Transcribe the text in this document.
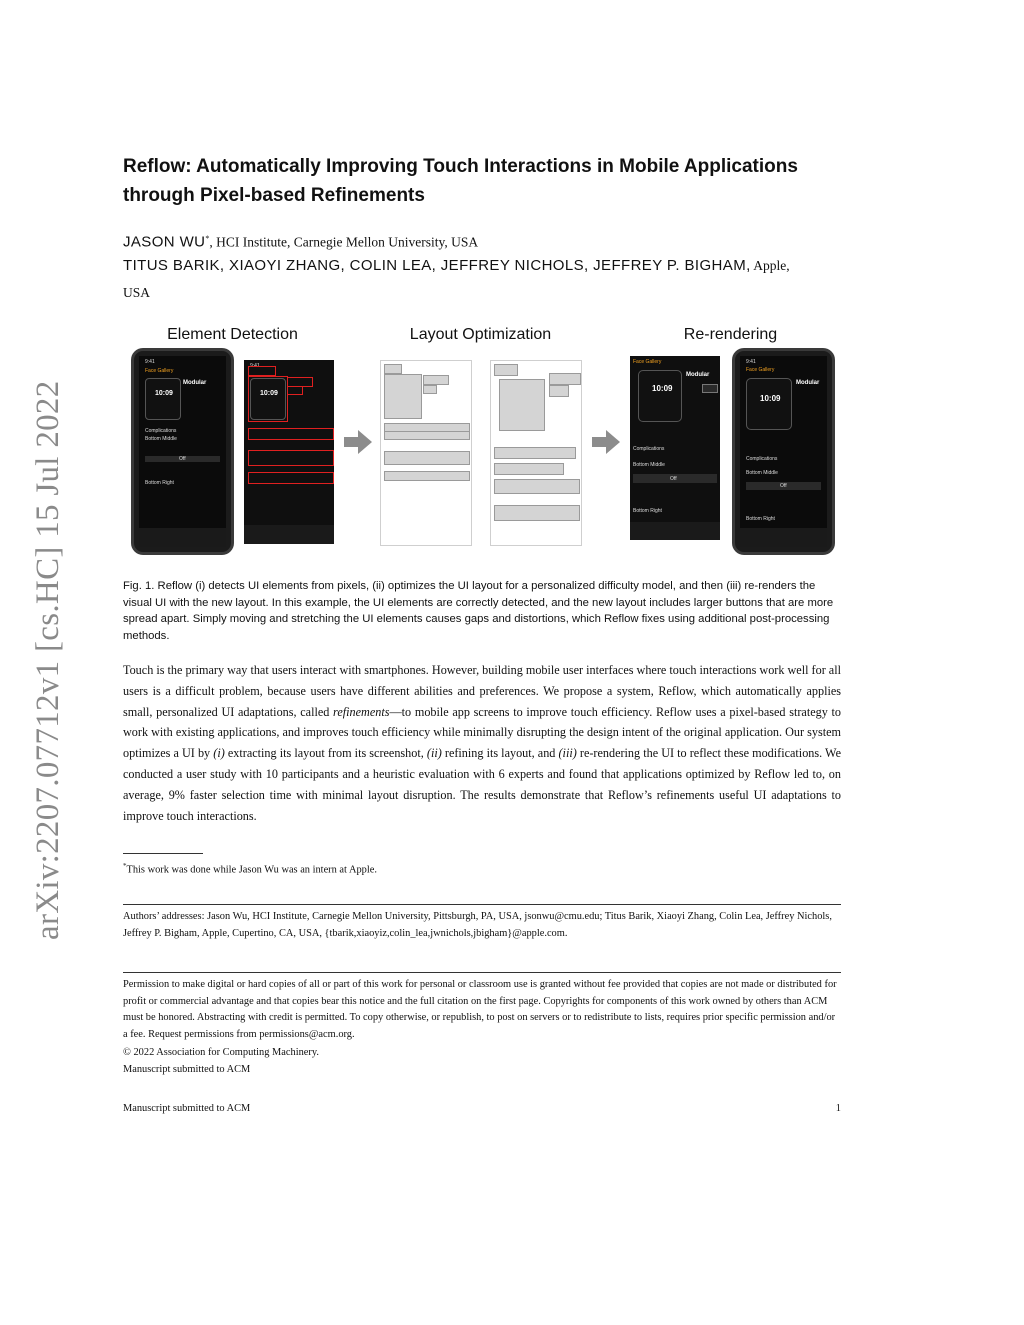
arXiv:2207.07712v1 [cs.HC] 15 Jul 2022
Reflow: Automatically Improving Touch Interactions in Mobile Applications
through Pixel-based Refinements
JASON WU*, HCI Institute, Carnegie Mellon University, USA
TITUS BARIK, XIAOYI ZHANG, COLIN LEA, JEFFREY NICHOLS, JEFFREY P. BIGHAM, Apple,
USA
Element Detection	Layout Optimization	Re-rendering
9:41
Face Gallery
10:09
Modular
Complications
Bottom Middle
Off
Bottom Right
9:41
10:09
Face Gallery
10:09
Modular
Complications
Bottom Middle
Off
Bottom Right
9:41
Face Gallery
10:09
Modular
Complications
Bottom Middle
Off
Bottom Right
Fig. 1. Reflow (i) detects UI elements from pixels, (ii) optimizes the UI layout for a personalized difficulty model, and then (iii) re-renders the visual UI with the new layout. In this example, the UI elements are correctly detected, and the new layout includes larger buttons that are more spread apart. Simply moving and stretching the UI elements causes gaps and distortions, which Reflow fixes using additional post-processing methods.
Touch is the primary way that users interact with smartphones. However, building mobile user interfaces where touch interactions work well for all users is a difficult problem, because users have different abilities and preferences. We propose a system, Reflow, which automatically applies small, personalized UI adaptations, called refinements—to mobile app screens to improve touch efficiency. Reflow uses a pixel-based strategy to work with existing applications, and improves touch efficiency while minimally disrupting the design intent of the original application. Our system optimizes a UI by (i) extracting its layout from its screenshot, (ii) refining its layout, and (iii) re-rendering the UI to reflect these modifications. We conducted a user study with 10 participants and a heuristic evaluation with 6 experts and found that applications optimized by Reflow led to, on average, 9% faster selection time with minimal layout disruption. The results demonstrate that Reflow’s refinements useful UI adaptations to improve touch interactions.
*This work was done while Jason Wu was an intern at Apple.
Authors’ addresses: Jason Wu, HCI Institute, Carnegie Mellon University, Pittsburgh, PA, USA, jsonwu@cmu.edu; Titus Barik, Xiaoyi Zhang, Colin Lea, Jeffrey Nichols, Jeffrey P. Bigham, Apple, Cupertino, CA, USA, {tbarik,xiaoyiz,colin_lea,jwnichols,jbigham}@apple.com.
Permission to make digital or hard copies of all or part of this work for personal or classroom use is granted without fee provided that copies are not made or distributed for profit or commercial advantage and that copies bear this notice and the full citation on the first page. Copyrights for components of this work owned by others than ACM must be honored. Abstracting with credit is permitted. To copy otherwise, or republish, to post on servers or to redistribute to lists, requires prior specific permission and/or a fee. Request permissions from permissions@acm.org.
© 2022 Association for Computing Machinery.
Manuscript submitted to ACM
Manuscript submitted to ACM	1
